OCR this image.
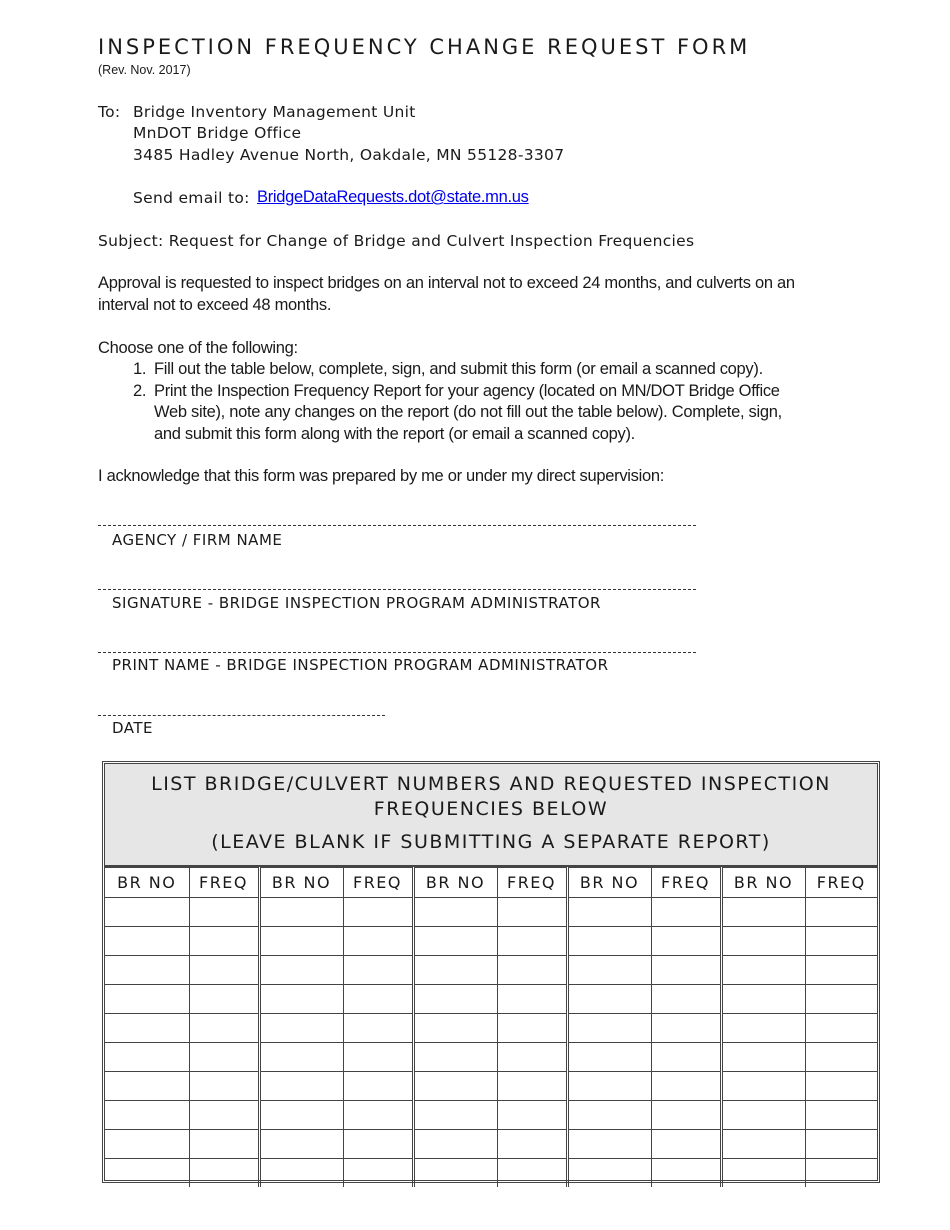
INSPECTION FREQUENCY CHANGE REQUEST FORM
(Rev. Nov. 2017)
To: Bridge Inventory Management Unit
MnDOT Bridge Office
3485 Hadley Avenue North, Oakdale, MN 55128-3307
Send email to: BridgeDataRequests.dot@state.mn.us
Subject: Request for Change of Bridge and Culvert Inspection Frequencies
Approval is requested to inspect bridges on an interval not to exceed 24 months, and culverts on an
interval not to exceed 48 months.
Choose one of the following:
1. Fill out the table below, complete, sign, and submit this form (or email a scanned copy).
2. Print the Inspection Frequency Report for your agency (located on MN/DOT Bridge Office
Web site), note any changes on the report (do not fill out the table below). Complete, sign,
and submit this form along with the report (or email a scanned copy).
I acknowledge that this form was prepared by me or under my direct supervision:
AGENCY / FIRM NAME
SIGNATURE - BRIDGE INSPECTION PROGRAM ADMINISTRATOR
PRINT NAME - BRIDGE INSPECTION PROGRAM ADMINISTRATOR
DATE
LIST BRIDGE/CULVERT NUMBERS AND REQUESTED INSPECTION
FREQUENCIES BELOW
(LEAVE BLANK IF SUBMITTING A SEPARATE REPORT)
BR NO	FREQ	BR NO	FREQ	BR NO	FREQ	BR NO	FREQ	BR NO	FREQ
